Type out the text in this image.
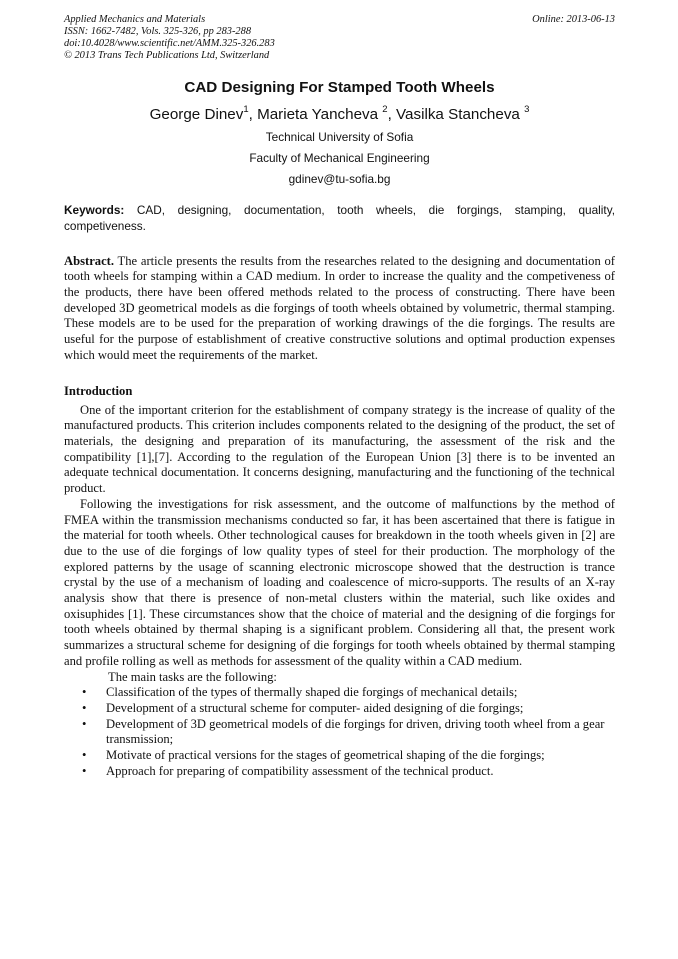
Applied Mechanics and Materials
ISSN: 1662-7482, Vols. 325-326, pp 283-288
doi:10.4028/www.scientific.net/AMM.325-326.283
© 2013 Trans Tech Publications Ltd, Switzerland
Online: 2013-06-13
CAD Designing For Stamped Tooth Wheels
George Dinev$^1$, Marieta Yancheva $^2$, Vasilka Stancheva $^3$
Technical University of Sofia
Faculty of Mechanical Engineering
gdinev@tu-sofia.bg
Keywords: CAD, designing, documentation, tooth wheels, die forgings, stamping, quality, competiveness.
Abstract. The article presents the results from the researches related to the designing and documentation of tooth wheels for stamping within a CAD medium. In order to increase the quality and the competiveness of the products, there have been offered methods related to the process of constructing. There have been developed 3D geometrical models as die forgings of tooth wheels obtained by volumetric, thermal stamping. These models are to be used for the preparation of working drawings of the die forgings. The results are useful for the purpose of establishment of creative constructive solutions and optimal production expenses which would meet the requirements of the market.
Introduction
One of the important criterion for the establishment of company strategy is the increase of quality of the manufactured products. This criterion includes components related to the designing of the product, the set of materials, the designing and preparation of its manufacturing, the assessment of the risk and the compatibility [1],[7]. According to the regulation of the European Union [3] there is to be invented an adequate technical documentation. It concerns designing, manufacturing and the functioning of the technical product.
Following the investigations for risk assessment, and the outcome of malfunctions by the method of FMEA within the transmission mechanisms conducted so far, it has been ascertained that there is fatigue in the material for tooth wheels. Other technological causes for breakdown in the tooth wheels given in [2] are due to the use of die forgings of low quality types of steel for their production. The morphology of the explored patterns by the usage of scanning electronic microscope showed that the destruction is trance crystal by the use of a mechanism of loading and coalescence of micro-supports. The results of an X-ray analysis show that there is presence of non-metal clusters within the material, such like oxides and oxisuphides [1]. These circumstances show that the choice of material and the designing of die forgings for tooth wheels obtained by thermal shaping is a significant problem. Considering all that, the present work summarizes a structural scheme for designing of die forgings for tooth wheels obtained by thermal stamping and profile rolling as well as methods for assessment of the quality within a CAD medium.
The main tasks are the following:
• Classification of the types of thermally shaped die forgings of mechanical details;
• Development of a structural scheme for computer- aided designing of die forgings;
• Development of 3D geometrical models of die forgings for driven, driving tooth wheel from a gear transmission;
• Motivate of practical versions for the stages of geometrical shaping of the die forgings;
• Approach for preparing of compatibility assessment of the technical product.
